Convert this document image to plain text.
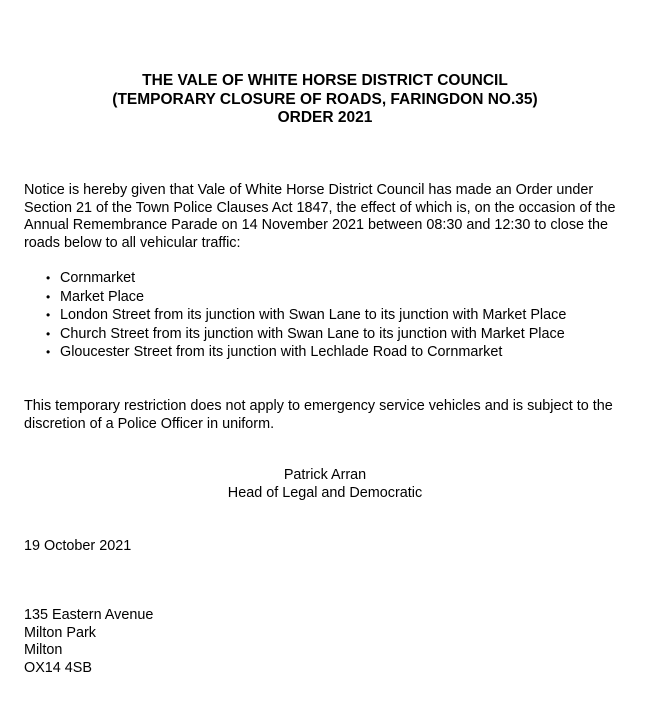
THE VALE OF WHITE HORSE DISTRICT COUNCIL
(TEMPORARY CLOSURE OF ROADS, FARINGDON NO.35)
ORDER 2021

Notice is hereby given that Vale of White Horse District Council has made an Order under Section 21 of the Town Police Clauses Act 1847, the effect of which is, on the occasion of the Annual Remembrance Parade on 14 November 2021 between 08:30 and 12:30 to close the roads below to all vehicular traffic:

• Cornmarket
• Market Place
• London Street from its junction with Swan Lane to its junction with Market Place
• Church Street from its junction with Swan Lane to its junction with Market Place
• Gloucester Street from its junction with Lechlade Road to Cornmarket

This temporary restriction does not apply to emergency service vehicles and is subject to the discretion of a Police Officer in uniform.

Patrick Arran
Head of Legal and Democratic
19 October 2021
135 Eastern Avenue
Milton Park
Milton
OX14 4SB
